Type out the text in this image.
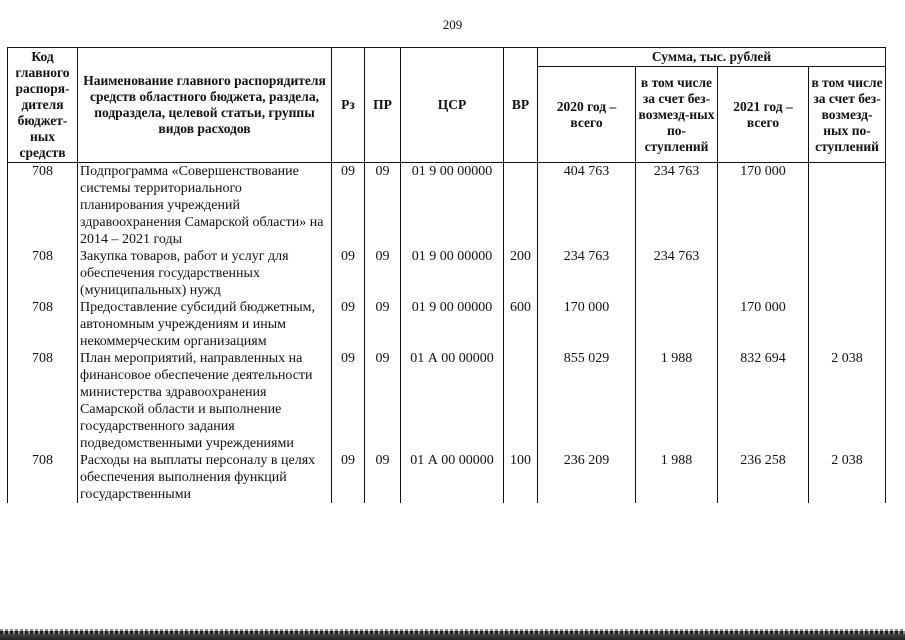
209
Код главного распоря-дителя бюджет-ных средств	Наименование главного распорядителя средств областного бюджета, раздела, подраздела, целевой статьи, группы видов расходов	Рз	ПР	ЦСР	ВР	Сумма, тыс. рублей			
						2020 год – всего	в том числе за счет без-возмезд-ных по-ступлений	2021 год – всего	в том числе за счет без-возмезд-ных по-ступлений
708	Подпрограмма «Совершенствование системы территориального планирования учреждений здравоохранения Самарской области» на 2014 – 2021 годы	09	09	01 9 00 00000		404 763	234 763	170 000	
708	Закупка товаров, работ и услуг для обеспечения государственных (муниципальных) нужд	09	09	01 9 00 00000	200	234 763	234 763		
708	Предоставление субсидий бюджетным, автономным учреждениям и иным некоммерческим организациям	09	09	01 9 00 00000	600	170 000		170 000	
708	План мероприятий, направленных на финансовое обеспечение деятельности министерства здравоохранения Самарской области и выполнение государственного задания подведомственными учреждениями	09	09	01 А 00 00000		855 029	1 988	832 694	2 038
708	Расходы на выплаты персоналу в целях обеспечения выполнения функций государственными	09	09	01 А 00 00000	100	236 209	1 988	236 258	2 038
